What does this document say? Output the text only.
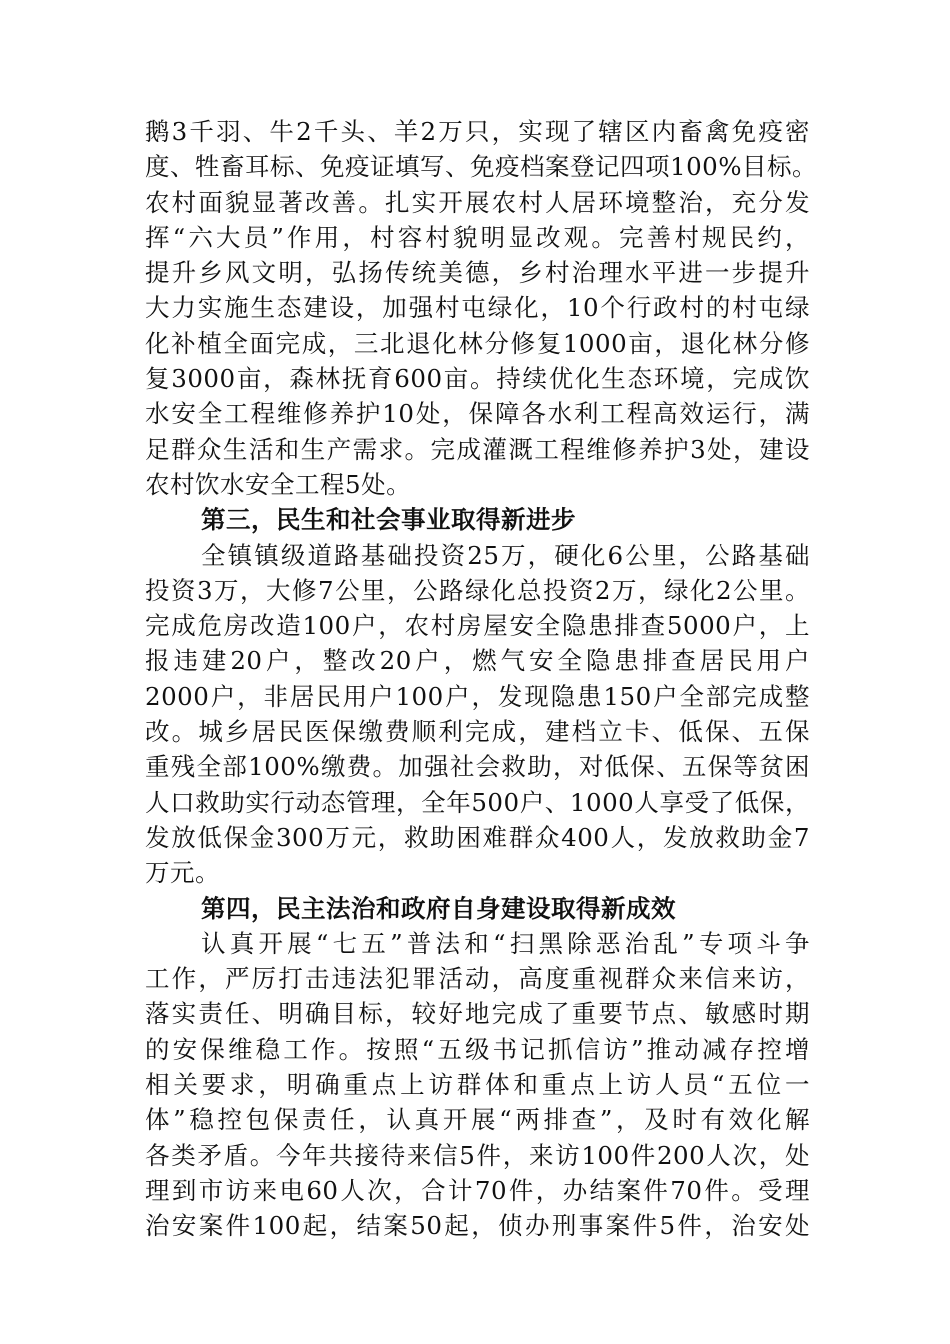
鹅3千羽、牛2千头、羊2万只，实现了辖区内畜禽免疫密
度、牲畜耳标、免疫证填写、免疫档案登记四项100%目标。
农村面貌显著改善。扎实开展农村人居环境整治，充分发
挥“六大员”作用，村容村貌明显改观。完善村规民约，
提升乡风文明，弘扬传统美德，乡村治理水平进一步提升
大力实施生态建设，加强村屯绿化，10个行政村的村屯绿
化补植全面完成，三北退化林分修复1000亩，退化林分修
复3000亩，森林抚育600亩。持续优化生态环境，完成饮
水安全工程维修养护10处，保障各水利工程高效运行，满
足群众生活和生产需求。完成灌溉工程维修养护3处，建设
农村饮水安全工程5处。
第三，民生和社会事业取得新进步
全镇镇级道路基础投资25万，硬化6公里，公路基础
投资3万，大修7公里，公路绿化总投资2万，绿化2公里。
完成危房改造100户，农村房屋安全隐患排查5000户，上
报违建20户，整改20户，燃气安全隐患排查居民用户
2000户，非居民用户100户，发现隐患150户全部完成整
改。城乡居民医保缴费顺利完成，建档立卡、低保、五保
重残全部100%缴费。加强社会救助，对低保、五保等贫困
人口救助实行动态管理，全年500户、1000人享受了低保，
发放低保金300万元，救助困难群众400人，发放救助金7
万元。
第四，民主法治和政府自身建设取得新成效
认真开展“七五”普法和“扫黑除恶治乱”专项斗争
工作，严厉打击违法犯罪活动，高度重视群众来信来访，
落实责任、明确目标，较好地完成了重要节点、敏感时期
的安保维稳工作。按照“五级书记抓信访”推动减存控增
相关要求，明确重点上访群体和重点上访人员“五位一
体”稳控包保责任，认真开展“两排查”，及时有效化解
各类矛盾。今年共接待来信5件，来访100件200人次，处
理到市访来电60人次，合计70件，办结案件70件。受理
治安案件100起，结案50起，侦办刑事案件5件，治安处
